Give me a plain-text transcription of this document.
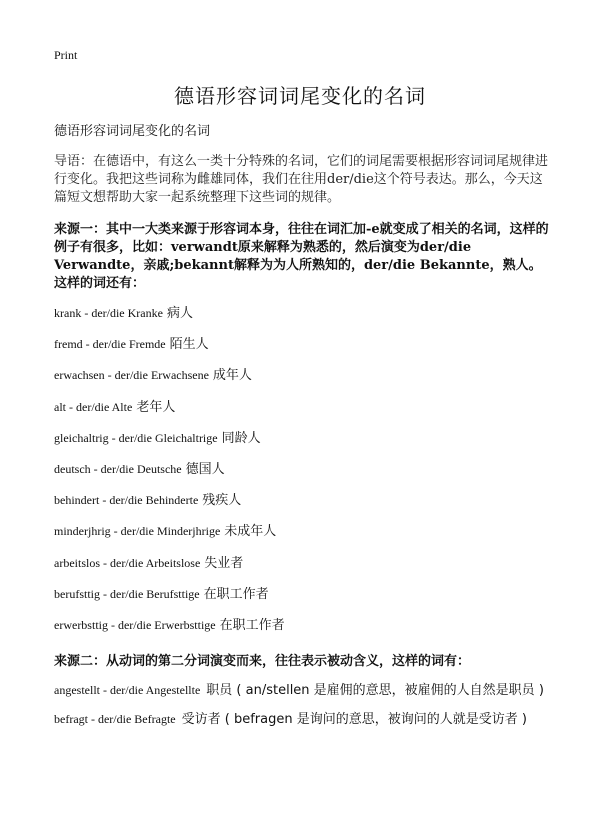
Print
德语形容词词尾变化的名词

德语形容词词尾变化的名词

导语：在德语中，有这么一类十分特殊的名词，它们的词尾需要根据形容词词尾规律进行变化。我把这些词称为雌雄同体，我们在往用der/die这个符号表达。那么，今天这篇短文想帮助大家一起系统整理下这些词的规律。

来源一：其中一大类来源于形容词本身，往往在词汇加-e就变成了相关的名词，这样的例子有很多，比如：verwandt原来解释为熟悉的，然后演变为der/die Verwandte，亲戚;bekannt解释为为人所熟知的，der/die Bekannte，熟人。这样的词还有：

krank - der/die Kranke 病人
fremd - der/die Fremde 陌生人
erwachsen - der/die Erwachsene 成年人
alt - der/die Alte 老年人
gleichaltrig - der/die Gleichaltrige 同龄人
deutsch - der/die Deutsche 德国人
behindert - der/die Behinderte 残疾人
minderjhrig - der/die Minderjhrige 未成年人
arbeitslos - der/die Arbeitslose 失业者
berufsttig - der/die Berufsttige 在职工作者
erwerbsttig - der/die Erwerbsttige 在职工作者

来源二：从动词的第二分词演变而来，往往表示被动含义，这样的词有：

angestellt - der/die Angestellte 职员 ( an/stellen 是雇佣的意思，被雇佣的人自然是职员 )

befragt - der/die Befragte 受访者 ( befragen 是询问的意思，被询问的人就是受访者 )
